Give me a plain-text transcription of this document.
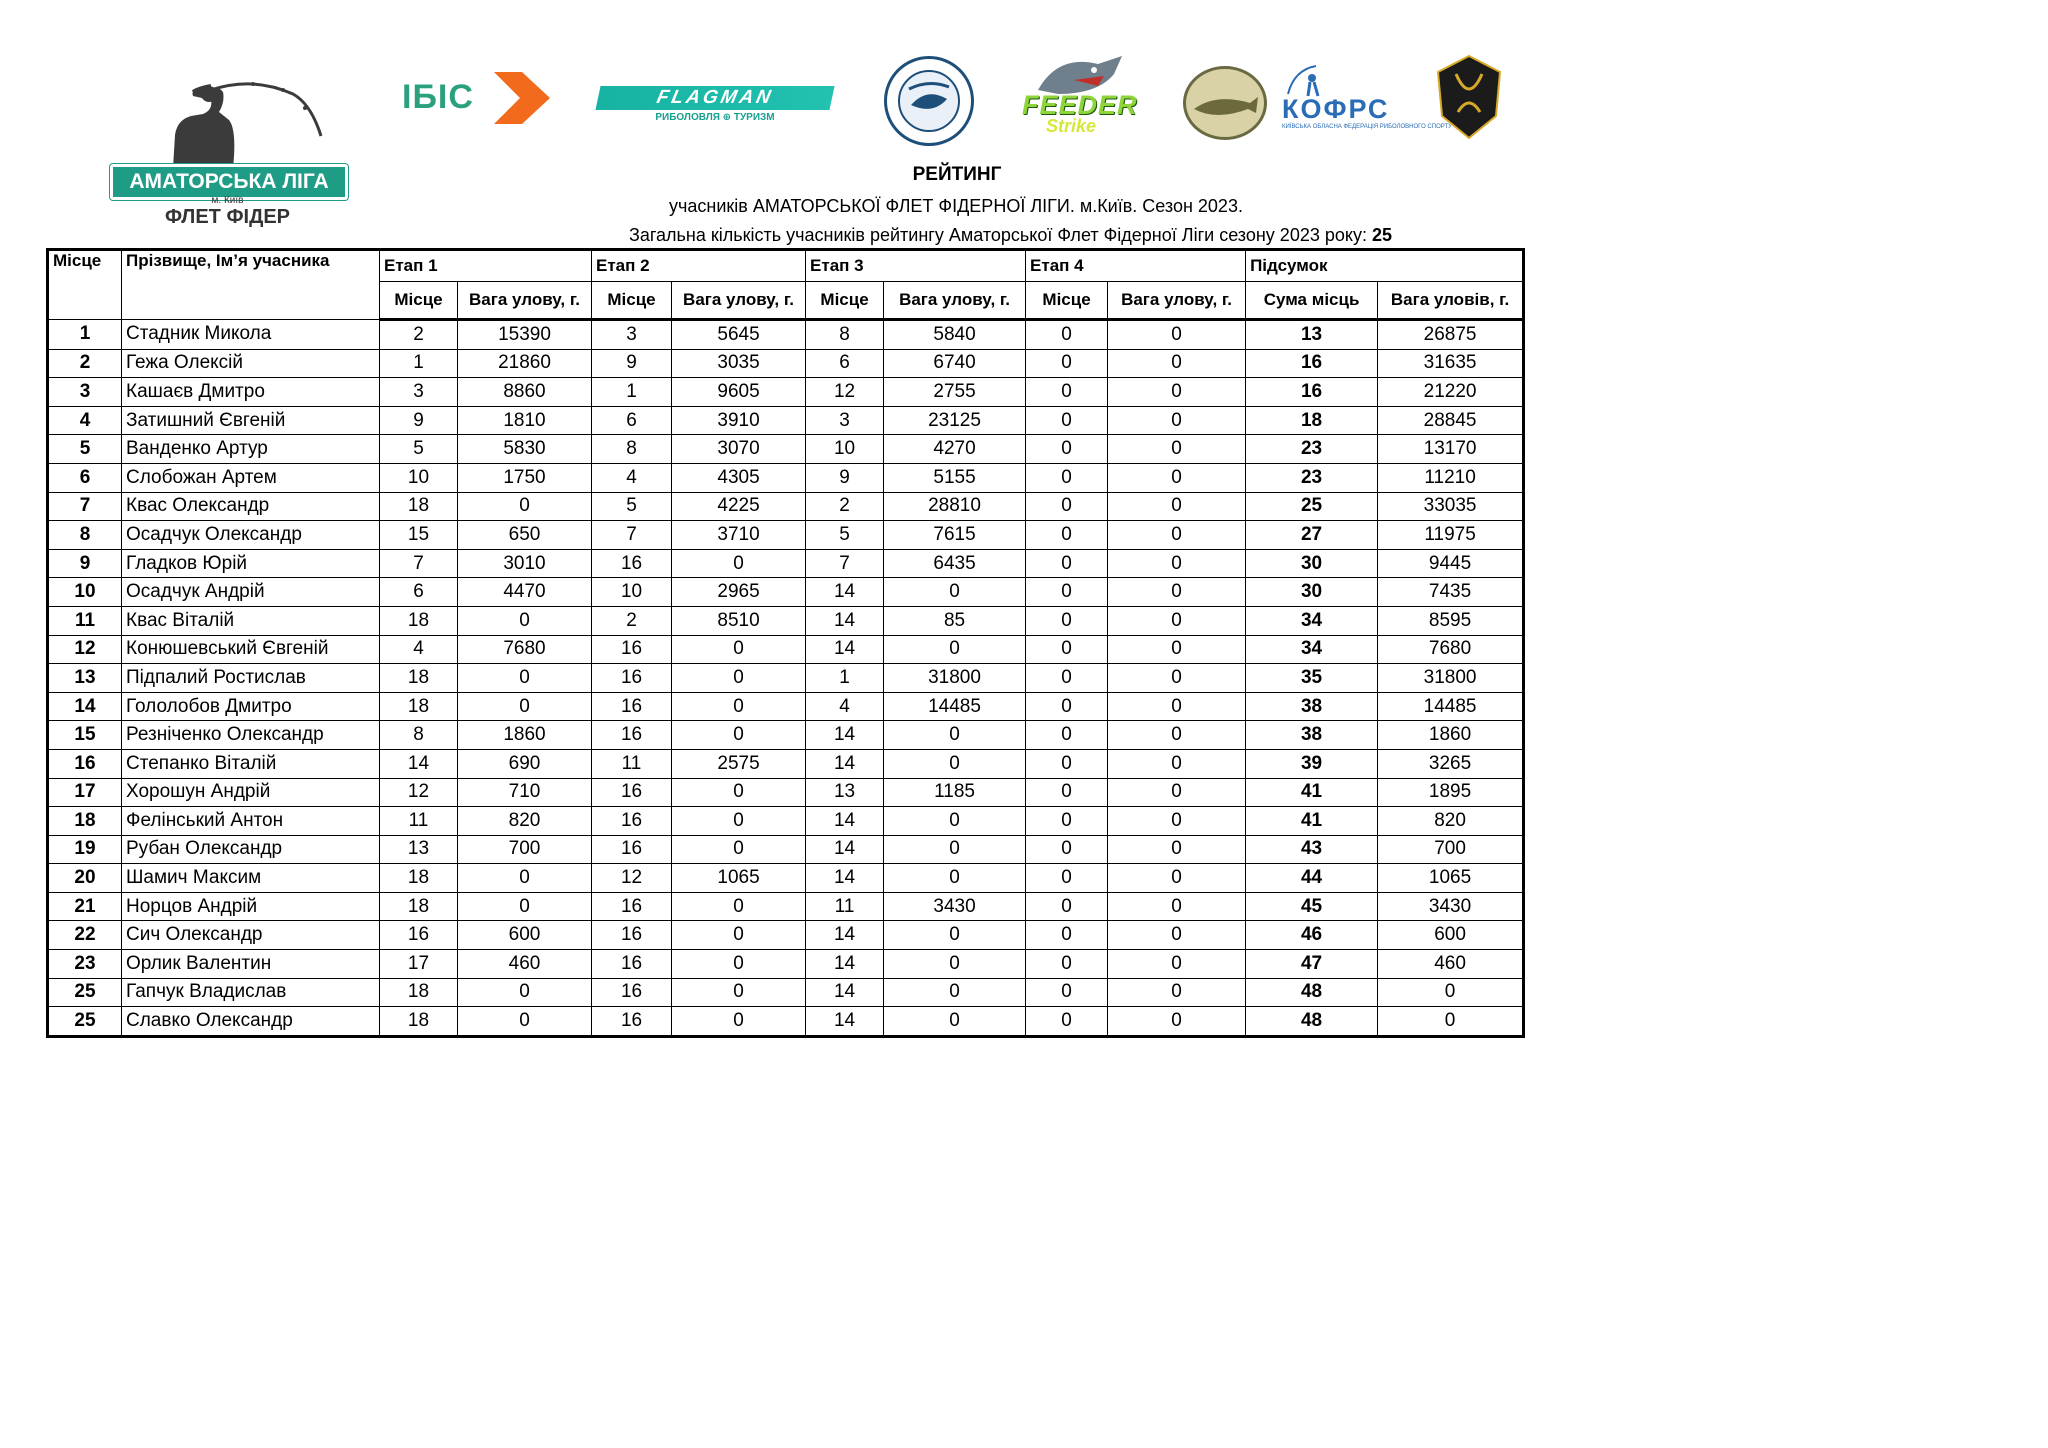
АМАТОРСЬКА ЛІГА
м. Київ
ФЛЕТ ФІДЕР
ІБІС	FLAGMAN
РИБОЛОВЛЯ ⊕ ТУРИЗМ	FEEDER
Strike
КОФРС
КИЇВСЬКА ОБЛАСНА ФЕДЕРАЦІЯ РИБОЛОВНОГО СПОРТУ
РЕЙТИНГ
учасників АМАТОРСЬКОЇ ФЛЕТ ФІДЕРНОЇ ЛІГИ. м.Київ. Сезон 2023.
Загальна кількість учасників рейтингу Аматорської Флет Фідерної Ліги сезону 2023 року: 25
Місце	Прізвище, Ім’я учасника	Етап 1		Етап 2		Етап 3		Етап 4		Підсумок	
		Місце	Вага улову, г.	Місце	Вага улову, г.	Місце	Вага улову, г.	Місце	Вага улову, г.	Сума місць	Вага уловів, г.
1	Стадник Микола	2	15390	3	5645	8	5840	0	0	13	26875
2	Гежа Олексій	1	21860	9	3035	6	6740	0	0	16	31635
3	Кашаєв Дмитро	3	8860	1	9605	12	2755	0	0	16	21220
4	Затишний Євгеній	9	1810	6	3910	3	23125	0	0	18	28845
5	Ванденко Артур	5	5830	8	3070	10	4270	0	0	23	13170
6	Слобожан Артем	10	1750	4	4305	9	5155	0	0	23	11210
7	Квас Олександр	18	0	5	4225	2	28810	0	0	25	33035
8	Осадчук Олександр	15	650	7	3710	5	7615	0	0	27	11975
9	Гладков Юрій	7	3010	16	0	7	6435	0	0	30	9445
10	Осадчук Андрій	6	4470	10	2965	14	0	0	0	30	7435
11	Квас Віталій	18	0	2	8510	14	85	0	0	34	8595
12	Конюшевський Євгеній	4	7680	16	0	14	0	0	0	34	7680
13	Підпалий Ростислав	18	0	16	0	1	31800	0	0	35	31800
14	Гололобов Дмитро	18	0	16	0	4	14485	0	0	38	14485
15	Резніченко Олександр	8	1860	16	0	14	0	0	0	38	1860
16	Степанко Віталій	14	690	11	2575	14	0	0	0	39	3265
17	Хорошун Андрій	12	710	16	0	13	1185	0	0	41	1895
18	Фелінський Антон	11	820	16	0	14	0	0	0	41	820
19	Рубан Олександр	13	700	16	0	14	0	0	0	43	700
20	Шамич Максим	18	0	12	1065	14	0	0	0	44	1065
21	Норцов Андрій	18	0	16	0	11	3430	0	0	45	3430
22	Сич Олександр	16	600	16	0	14	0	0	0	46	600
23	Орлик Валентин	17	460	16	0	14	0	0	0	47	460
25	Гапчук Владислав	18	0	16	0	14	0	0	0	48	0
25	Славко Олександр	18	0	16	0	14	0	0	0	48	0
